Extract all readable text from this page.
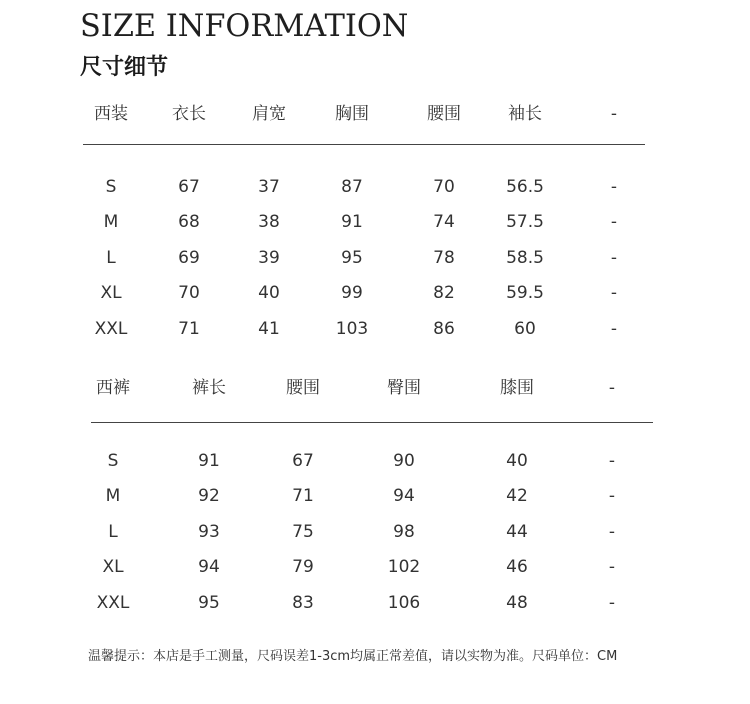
SIZE INFORMATION
尺寸细节
西装	衣长	肩宽	胸围	腰围	袖长	-
S	67	37	87	70	56.5	-
M	68	38	91	74	57.5	-
L	69	39	95	78	58.5	-
XL	70	40	99	82	59.5	-
XXL	71	41	103	86	60	-
西裤	裤长	腰围	臀围	膝围	-
S	91	67	90	40	-
M	92	71	94	42	-
L	93	75	98	44	-
XL	94	79	102	46	-
XXL	95	83	106	48	-
温馨提示：本店是手工测量，尺码误差1-3cm均属正常差值，请以实物为准。尺码单位：CM
